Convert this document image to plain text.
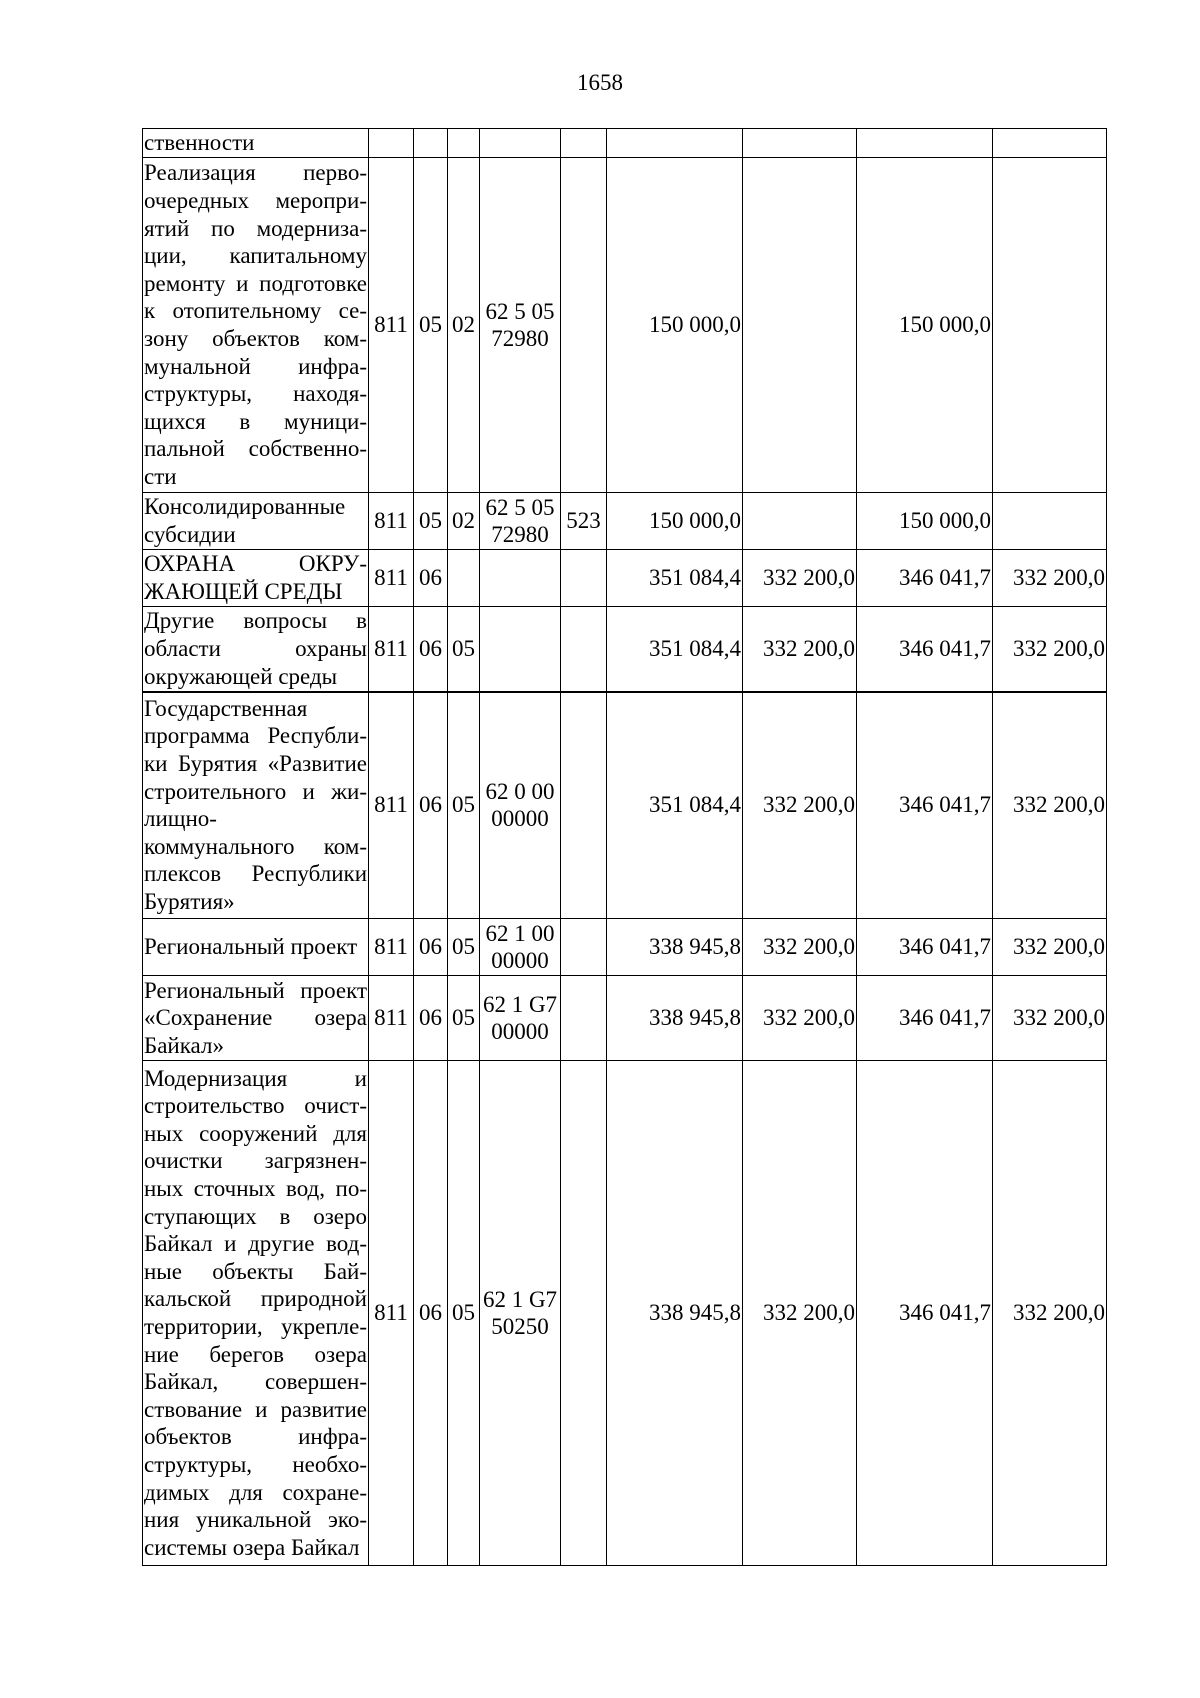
1658
ственности									
Реализация перво-очередных меропри-ятий по модерниза-ции, капитальному ремонту и подготовке к отопительному се-зону объектов ком-мунальной инфра-структуры, находя-щихся в муници-пальной собственно-сти	811	05	02	62 5 05 72980		150 000,0		150 000,0	
Консолидированные субсидии	811	05	02	62 5 05 72980	523	150 000,0		150 000,0	
ОХРАНА ОКРУ-ЖАЮЩЕЙ СРЕДЫ	811	06				351 084,4	332 200,0	346 041,7	332 200,0
Другие вопросы в области охраны окружающей среды	811	06	05			351 084,4	332 200,0	346 041,7	332 200,0
Государственная программа Республи-ки Бурятия «Развитие строительного и жи-лищно-коммунального ком-плексов Республики Бурятия»	811	06	05	62 0 00 00000		351 084,4	332 200,0	346 041,7	332 200,0
Региональный проект	811	06	05	62 1 00 00000		338 945,8	332 200,0	346 041,7	332 200,0
Региональный проект «Сохранение озера Байкал»	811	06	05	62 1 G7 00000		338 945,8	332 200,0	346 041,7	332 200,0
Модернизация и строительство очист-ных сооружений для очистки загрязнен-ных сточных вод, по-ступающих в озеро Байкал и другие вод-ные объекты Бай-кальской природной территории, укрепле-ние берегов озера Байкал, совершен-ствование и развитие объектов инфра-структуры, необхо-димых для сохране-ния уникальной эко-системы озера Байкал	811	06	05	62 1 G7 50250		338 945,8	332 200,0	346 041,7	332 200,0
